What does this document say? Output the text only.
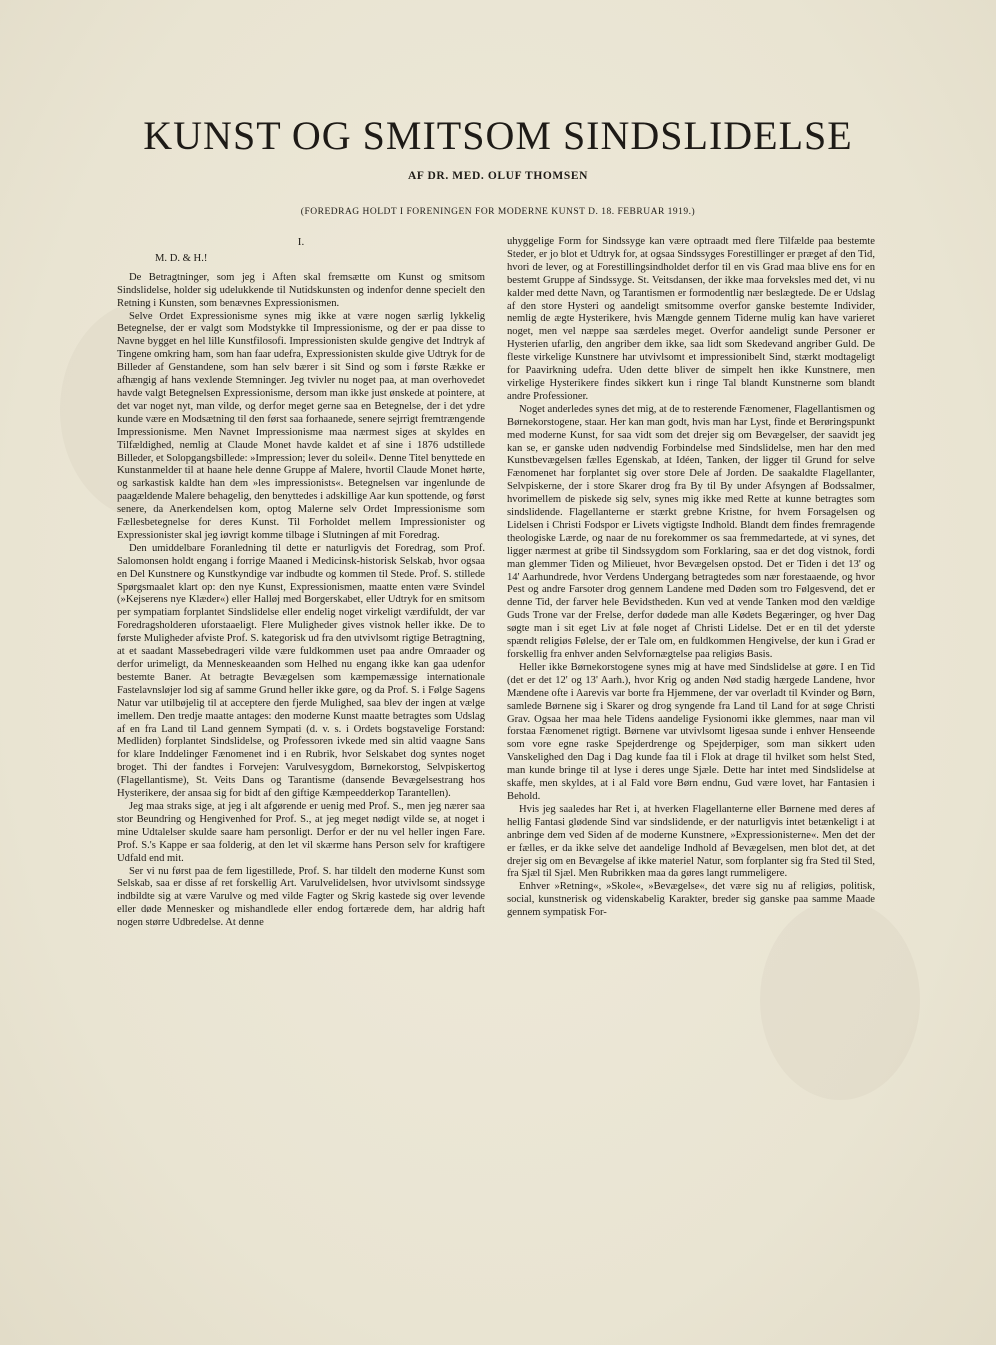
KUNST OG SMITSOM SINDSLIDELSE
AF DR. MED. OLUF THOMSEN
(FOREDRAG HOLDT I FORENINGEN FOR MODERNE KUNST D. 18. FEBRUAR 1919.)
I.
M. D. & H.!

De Betragtninger, som jeg i Aften skal fremsætte om Kunst og smitsom Sindslidelse, holder sig udelukkende til Nutidskunsten og indenfor denne specielt den Retning i Kunsten, som benævnes Expressionismen.

Selve Ordet Expressionisme synes mig ikke at være nogen særlig lykkelig Betegnelse, der er valgt som Modstykke til Impressionisme, og der er paa disse to Navne bygget en hel lille Kunstfilosofi. Impressionisten skulde gengive det Indtryk af Tingene omkring ham, som han faar udefra, Expressionisten skulde give Udtryk for de Billeder af Genstandene, som han selv bærer i sit Sind og som i første Række er afhængig af hans vexlende Stemninger. Jeg tvivler nu noget paa, at man overhovedet havde valgt Betegnelsen Expressionisme, dersom man ikke just ønskede at pointere, at det var noget nyt, man vilde, og derfor meget gerne saa en Betegnelse, der i det ydre kunde være en Modsætning til den først saa forhaanede, senere sejrrigt fremtrængende Impressionisme. Men Navnet Impressionisme maa nærmest siges at skyldes en Tilfældighed, nemlig at Claude Monet havde kaldet et af sine i 1876 udstillede Billeder, et Solopgangsbillede: »Impression; lever du soleil«. Denne Titel benyttede en Kunstanmelder til at haane hele denne Gruppe af Malere, hvortil Claude Monet hørte, og sarkastisk kaldte han dem »les impressionists«. Betegnelsen var ingenlunde de paagældende Malere behagelig, den benyttedes i adskillige Aar kun spottende, og først senere, da Anerkendelsen kom, optog Malerne selv Ordet Impressionisme som Fællesbetegnelse for deres Kunst. Til Forholdet mellem Impressionister og Expressionister skal jeg iøvrigt komme tilbage i Slutningen af mit Foredrag.

Den umiddelbare Foranledning til dette er naturligvis det Foredrag, som Prof. Salomonsen holdt engang i forrige Maaned i Medicinsk-historisk Selskab, hvor ogsaa en Del Kunstnere og Kunstkyndige var indbudte og kommen til Stede. Prof. S. stillede Spørgsmaalet klart op: den nye Kunst, Expressionismen, maatte enten være Svindel (»Kejserens nye Klæder«) eller Halløj med Borgerskabet, eller Udtryk for en smitsom per sympatiam forplantet Sindslidelse eller endelig noget virkeligt værdifuldt, der var Foredragsholderen uforstaaeligt. Flere Muligheder gives vistnok heller ikke. De to første Muligheder afviste Prof. S. kategorisk ud fra den utvivlsomt rigtige Betragtning, at et saadant Massebedrageri vilde være fuldkommen uset paa andre Omraader og derfor urimeligt, da Menneskeaanden som Helhed nu engang ikke kan gaa udenfor bestemte Baner. At betragte Bevægelsen som kæmpemæssige internationale Fastelavnsløjer lod sig af samme Grund heller ikke gøre, og da Prof. S. i Følge Sagens Natur var utilbøjelig til at acceptere den fjerde Mulighed, saa blev der ingen at vælge imellem. Den tredje maatte antages: den moderne Kunst maatte betragtes som Udslag af en fra Land til Land gennem Sympati (d. v. s. i Ordets bogstavelige Forstand: Medliden) forplantet Sindslidelse, og Professoren ivkede med sin altid vaagne Sans for klare Inddelinger Fænomenet ind i en Rubrik, hvor Selskabet dog syntes noget broget. Thi der fandtes i Forvejen: Varulvesygdom, Børnekorstog, Selvpiskertog (Flagellantisme), St. Veits Dans og Tarantisme (dansende Bevægelsestrang hos Hysterikere, der ansaa sig for bidt af den giftige Kæmpeedderkop Tarantellen).

Jeg maa straks sige, at jeg i alt afgørende er uenig med Prof. S., men jeg nærer saa stor Beundring og Hengivenhed for Prof. S., at jeg meget nødigt vilde se, at noget i mine Udtalelser skulde saare ham personligt. Derfor er der nu vel heller ingen Fare. Prof. S.'s Kappe er saa folderig, at den let vil skærme hans Person selv for kraftigere Udfald end mit.

Ser vi nu først paa de fem ligestillede, Prof. S. har tildelt den moderne Kunst som Selskab, saa er disse af ret forskellig Art. Varulvelidelsen, hvor utvivlsomt sindssyge indbildte sig at være Varulve og med vilde Fagter og Skrig kastede sig over levende eller døde Mennesker og mishandlede eller endog fortærede dem, har aldrig haft nogen større Udbredelse. At denne

uhyggelige Form for Sindssyge kan være optraadt med flere Tilfælde paa bestemte Steder, er jo blot et Udtryk for, at ogsaa Sindssyges Forestillinger er præget af den Tid, hvori de lever, og at Forestillingsindholdet derfor til en vis Grad maa blive ens for en bestemt Gruppe af Sindssyge. St. Veitsdansen, der ikke maa forveksles med det, vi nu kalder med dette Navn, og Tarantismen er formodentlig nær beslægtede. De er Udslag af den store Hysteri og aandeligt smitsomme overfor ganske bestemte Individer, nemlig de ægte Hysterikere, hvis Mængde gennem Tiderne mulig kan have varieret noget, men vel næppe saa særdeles meget. Overfor aandeligt sunde Personer er Hysterien ufarlig, den angriber dem ikke, saa lidt som Skedevand angriber Guld. De fleste virkelige Kunstnere har utvivlsomt et impressionibelt Sind, stærkt modtageligt for Paavirkning udefra. Uden dette bliver de simpelt hen ikke Kunstnere, men virkelige Hysterikere findes sikkert kun i ringe Tal blandt Kunstnerne som blandt andre Professioner.

Noget anderledes synes det mig, at de to resterende Fænomener, Flagellantismen og Børnekorstogene, staar. Her kan man godt, hvis man har Lyst, finde et Berøringspunkt med moderne Kunst, for saa vidt som det drejer sig om Bevægelser, der saavidt jeg kan se, er ganske uden nødvendig Forbindelse med Sindslidelse, men har den med Kunstbevægelsen fælles Egenskab, at Idéen, Tanken, der ligger til Grund for selve Fænomenet har forplantet sig over store Dele af Jorden. De saakaldte Flagellanter, Selvpiskerne, der i store Skarer drog fra By til By under Afsyngen af Bodssalmer, hvorimellem de piskede sig selv, synes mig ikke med Rette at kunne betragtes som sindslidende. Flagellanterne er stærkt grebne Kristne, for hvem Forsagelsen og Lidelsen i Christi Fodspor er Livets vigtigste Indhold. Blandt dem findes fremragende theologiske Lærde, og naar de nu forekommer os saa fremmedartede, at vi synes, det ligger nærmest at gribe til Sindssygdom som Forklaring, saa er det dog vistnok, fordi man glemmer Tiden og Milieuet, hvor Bevægelsen opstod. Det er Tiden i det 13' og 14' Aarhundrede, hvor Verdens Undergang betragtedes som nær forestaaende, og hvor Pest og andre Farsoter drog gennem Landene med Døden som tro Følgesvend, det er denne Tid, der farver hele Bevidstheden. Kun ved at vende Tanken mod den vældige Guds Trone var der Frelse, derfor dødede man alle Kødets Begæringer, og hver Dag søgte man i sit eget Liv at føle noget af Christi Lidelse. Det er en til det yderste spændt religiøs Følelse, der er Tale om, en fuldkommen Hengivelse, der kun i Grad er forskellig fra enhver anden Selvfornægtelse paa religiøs Basis.

Heller ikke Børnekorstogene synes mig at have med Sindslidelse at gøre. I en Tid (det er det 12' og 13' Aarh.), hvor Krig og anden Nød stadig hærgede Landene, hvor Mændene ofte i Aarevis var borte fra Hjemmene, der var overladt til Kvinder og Børn, samlede Børnene sig i Skarer og drog syngende fra Land til Land for at søge Christi Grav. Ogsaa her maa hele Tidens aandelige Fysionomi ikke glemmes, naar man vil forstaa Fænomenet rigtigt. Børnene var utvivlsomt ligesaa sunde i enhver Henseende som vore egne raske Spejderdrenge og Spejderpiger, som man sikkert uden Vanskelighed den Dag i Dag kunde faa til i Flok at drage til hvilket som helst Sted, man kunde bringe til at lyse i deres unge Sjæle. Dette har intet med Sindslidelse at skaffe, men skyldes, at i al Fald vore Børn endnu, Gud være lovet, har Fantasien i Behold.

Hvis jeg saaledes har Ret i, at hverken Flagellanterne eller Børnene med deres af hellig Fantasi glødende Sind var sindslidende, er der naturligvis intet betænkeligt i at anbringe dem ved Siden af de moderne Kunstnere, »Expressionisterne«. Men det der er fælles, er da ikke selve det aandelige Indhold af Bevægelsen, men blot det, at det drejer sig om en Bevægelse af ikke materiel Natur, som forplanter sig fra Sted til Sted, fra Sjæl til Sjæl. Men Rubrikken maa da gøres langt rummeligere.

Enhver »Retning«, »Skole«, »Bevægelse«, det være sig nu af religiøs, politisk, social, kunstnerisk og videnskabelig Karakter, breder sig ganske paa samme Maade gennem sympatisk For-
